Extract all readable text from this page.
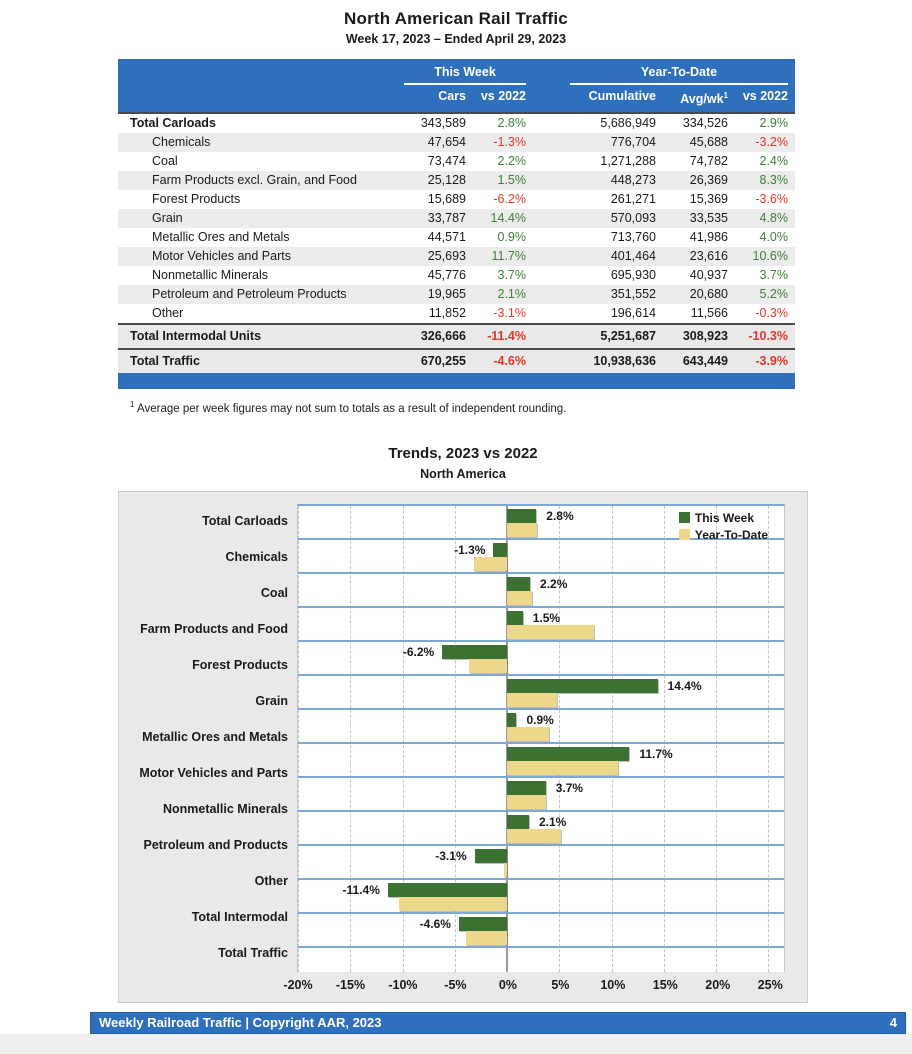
North American Rail Traffic
Week 17, 2023 – Ended April 29, 2023
This Week	Year-To-Date
Cars	vs 2022	Cumulative	Avg/$wk^1$	vs 2022
Total Carloads	343,589	2.8%	5,686,949	334,526	2.9%
Chemicals	47,654	-1.3%	776,704	45,688	-3.2%
Coal	73,474	2.2%	1,271,288	74,782	2.4%
Farm Products excl. Grain, and Food	25,128	1.5%	448,273	26,369	8.3%
Forest Products	15,689	-6.2%	261,271	15,369	-3.6%
Grain	33,787	14.4%	570,093	33,535	4.8%
Metallic Ores and Metals	44,571	0.9%	713,760	41,986	4.0%
Motor Vehicles and Parts	25,693	11.7%	401,464	23,616	10.6%
Nonmetallic Minerals	45,776	3.7%	695,930	40,937	3.7%
Petroleum and Petroleum Products	19,965	2.1%	351,552	20,680	5.2%
Other	11,852	-3.1%	196,614	11,566	-0.3%
Total Intermodal Units	326,666	-11.4%	5,251,687	308,923	-10.3%
Total Traffic	670,255	-4.6%	10,938,636	643,449	-3.9%
$^1$ Average per week figures may not sum to totals as a result of independent rounding.
Trends, 2023 vs 2022
North America
Total Carloads
Chemicals
Coal
Farm Products and Food
Forest Products
Grain
Metallic Ores and Metals
Motor Vehicles and Parts
Nonmetallic Minerals
Petroleum and Products
Other
Total Intermodal
Total Traffic
This Week
Year-To-Date
2.8%
-1.3%
2.2%
1.5%
-6.2%
14.4%
0.9%
11.7%
3.7%
2.1%
-3.1%
-11.4%
-4.6%
-20% -15% -10% -5%	0%	5% 10% 15% 20% 25%
Weekly Railroad Traffic | Copyright AAR, 2023	4
